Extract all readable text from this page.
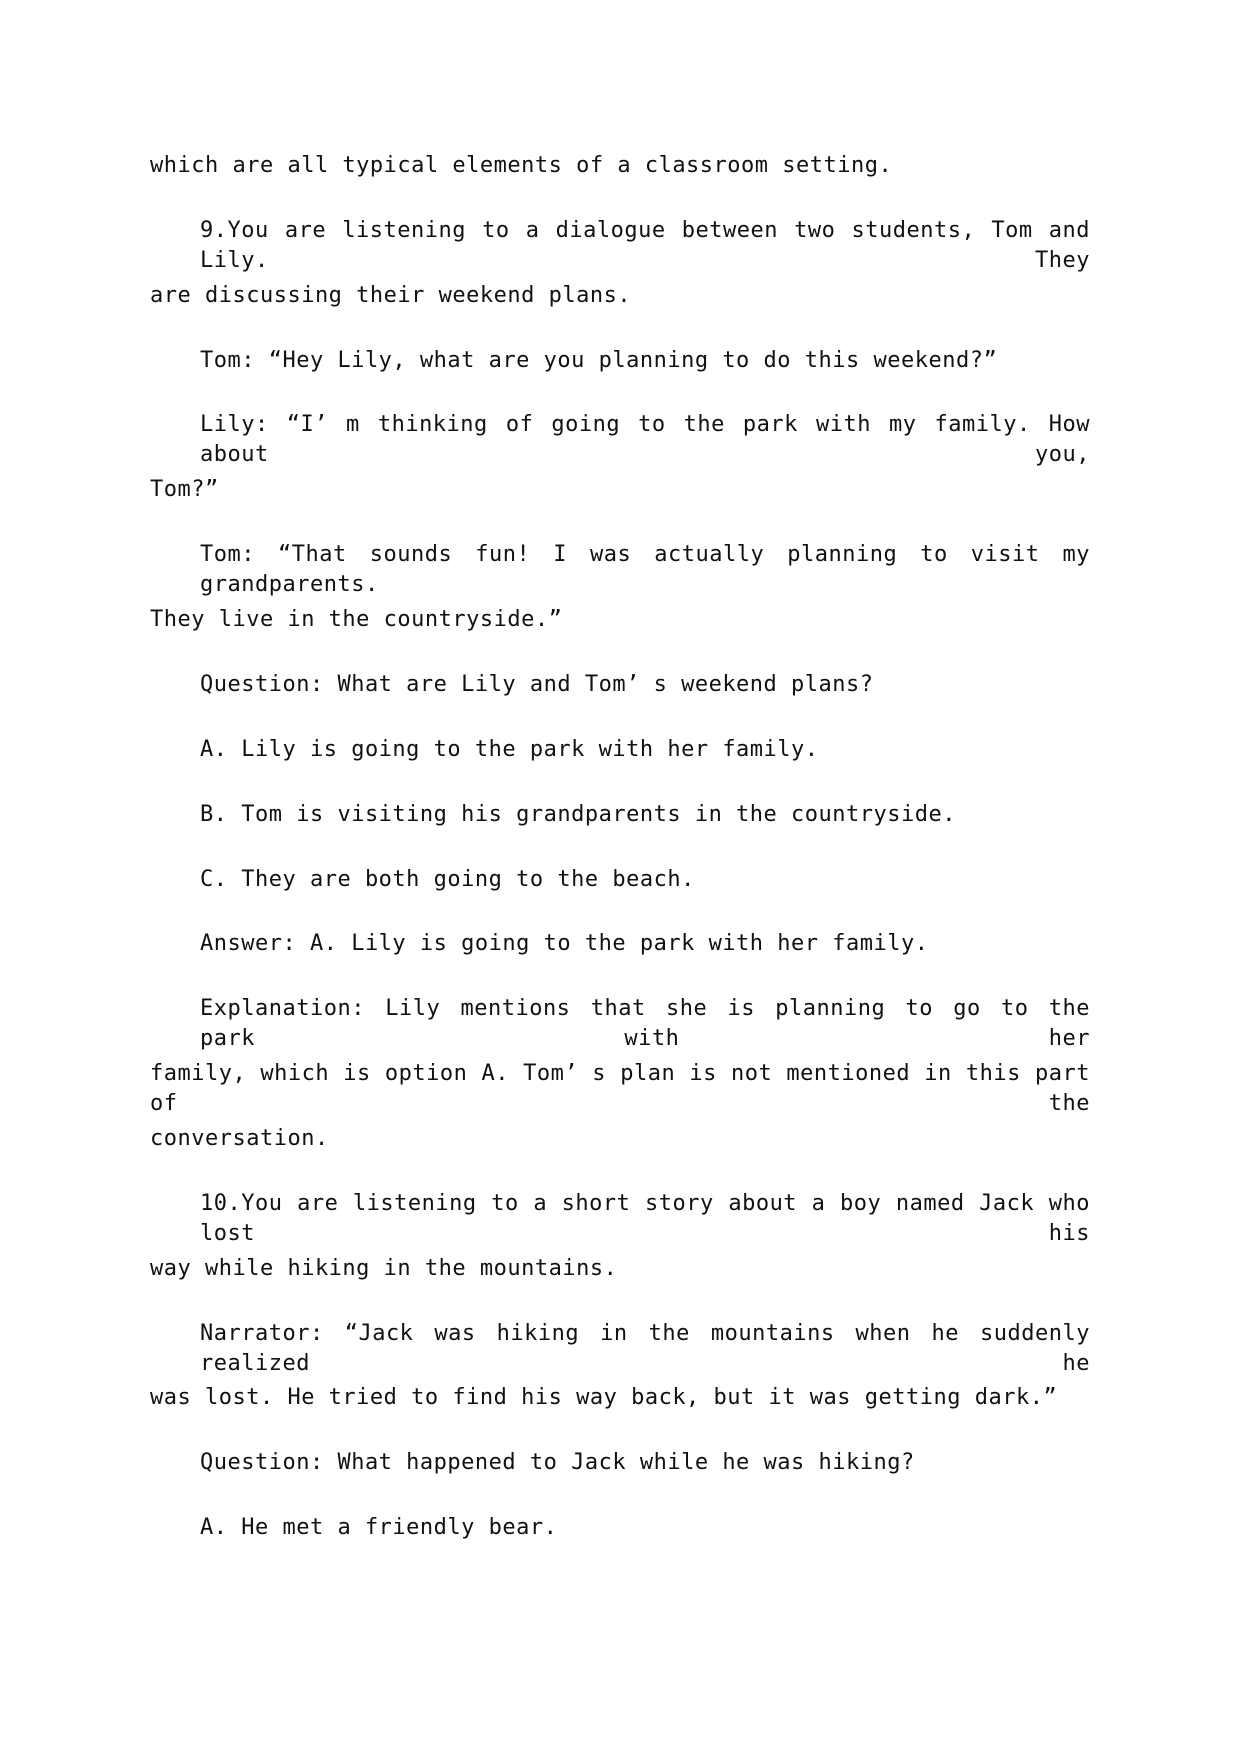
which are all typical elements of a classroom setting.
9.You are listening to a dialogue between two students, Tom and Lily. They
are discussing their weekend plans.
Tom: “Hey Lily, what are you planning to do this weekend?”
Lily: “I’ m thinking of going to the park with my family. How about you,
Tom?”
Tom: “That sounds fun! I was actually planning to visit my grandparents.
They live in the countryside.”
Question: What are Lily and Tom’ s weekend plans?
A. Lily is going to the park with her family.
B. Tom is visiting his grandparents in the countryside.
C. They are both going to the beach.
Answer: A. Lily is going to the park with her family.
Explanation: Lily mentions that she is planning to go to the park with her
family, which is option A. Tom’ s plan is not mentioned in this part of the
conversation.
10.You are listening to a short story about a boy named Jack who lost his
way while hiking in the mountains.
Narrator: “Jack was hiking in the mountains when he suddenly realized he
was lost. He tried to find his way back, but it was getting dark.”
Question: What happened to Jack while he was hiking?
A. He met a friendly bear.
